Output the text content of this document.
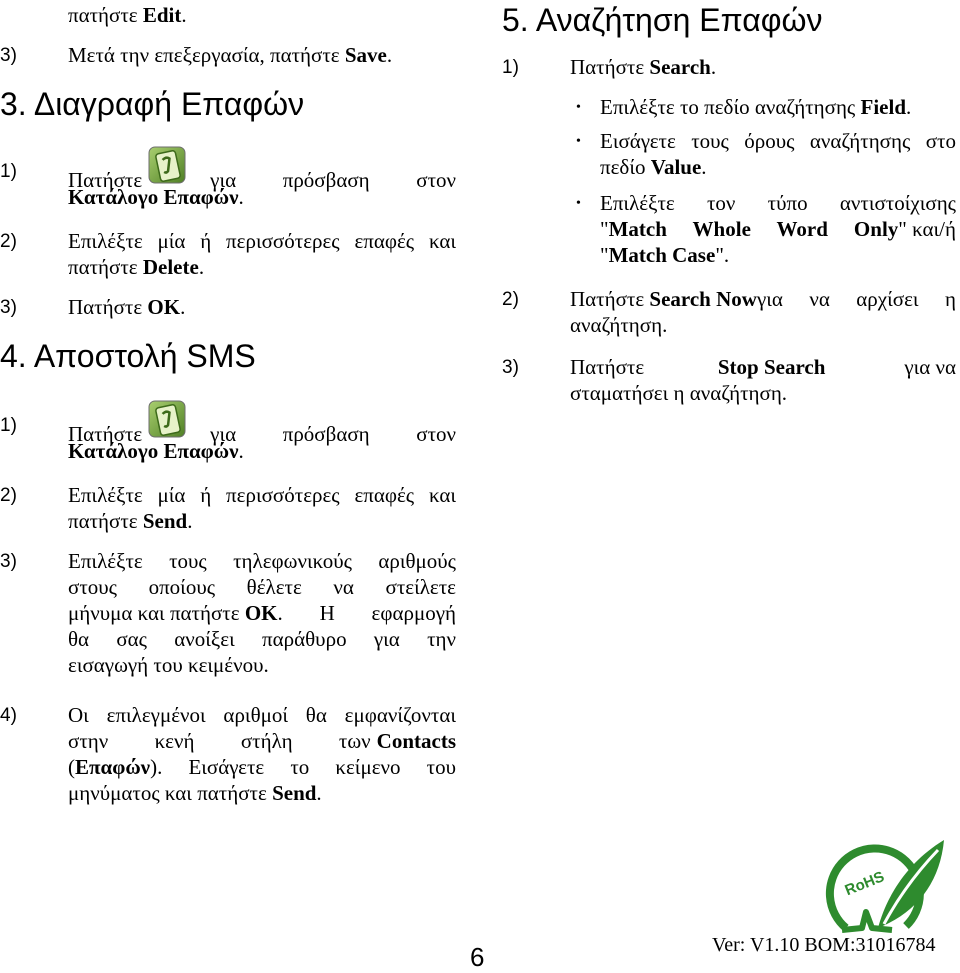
πατήστε Edit.
3) Μετά την επεξεργασία, πατήστε Save.
3. Διαγραφή Επαφών
1) Πατήστε	για πρόσβαση στον
Κατάλογο Επαφών.
2) Επιλέξτε μία ή περισσότερες επαφές και
πατήστε Delete.
3) Πατήστε OK.
4. Αποστολή SMS
1) Πατήστε	για πρόσβαση στον
Κατάλογο Επαφών.
2) Επιλέξτε μία ή περισσότερες επαφές και
πατήστε Send.
3) Επιλέξτε τους τηλεφωνικούς αριθμούς
στους οποίους θέλετε να στείλετε
μήνυμα και πατήστε OK . Η εφαρμογή
θα σας ανοίξει παράθυρο για την
εισαγωγή του κειμένου.
4) Οι επιλεγμένοι αριθμοί θα εμφανίζονται
στην κενή στήλη των Contacts
( Επαφών ). Εισάγετε το κείμενο του
μηνύματος και πατήστε Send.
5. Αναζήτηση Επαφών
1) Πατήστε Search.
• Επιλέξτε το πεδίο αναζήτησης Field.
• Εισάγετε τους όρους αναζήτησης στο
πεδίο Value.
• Επιλέξτε τον τύπο αντιστοίχισης
" Match Whole Word Only " και/ή
"Match Case".
2) Πατήστε Search Now για να αρχίσει η
αναζήτηση.
3) Πατήστε	Stop Search	για να
σταματήσει η αναζήτηση.
RoHS
6	Ver: V1.10 BOM:31016784
